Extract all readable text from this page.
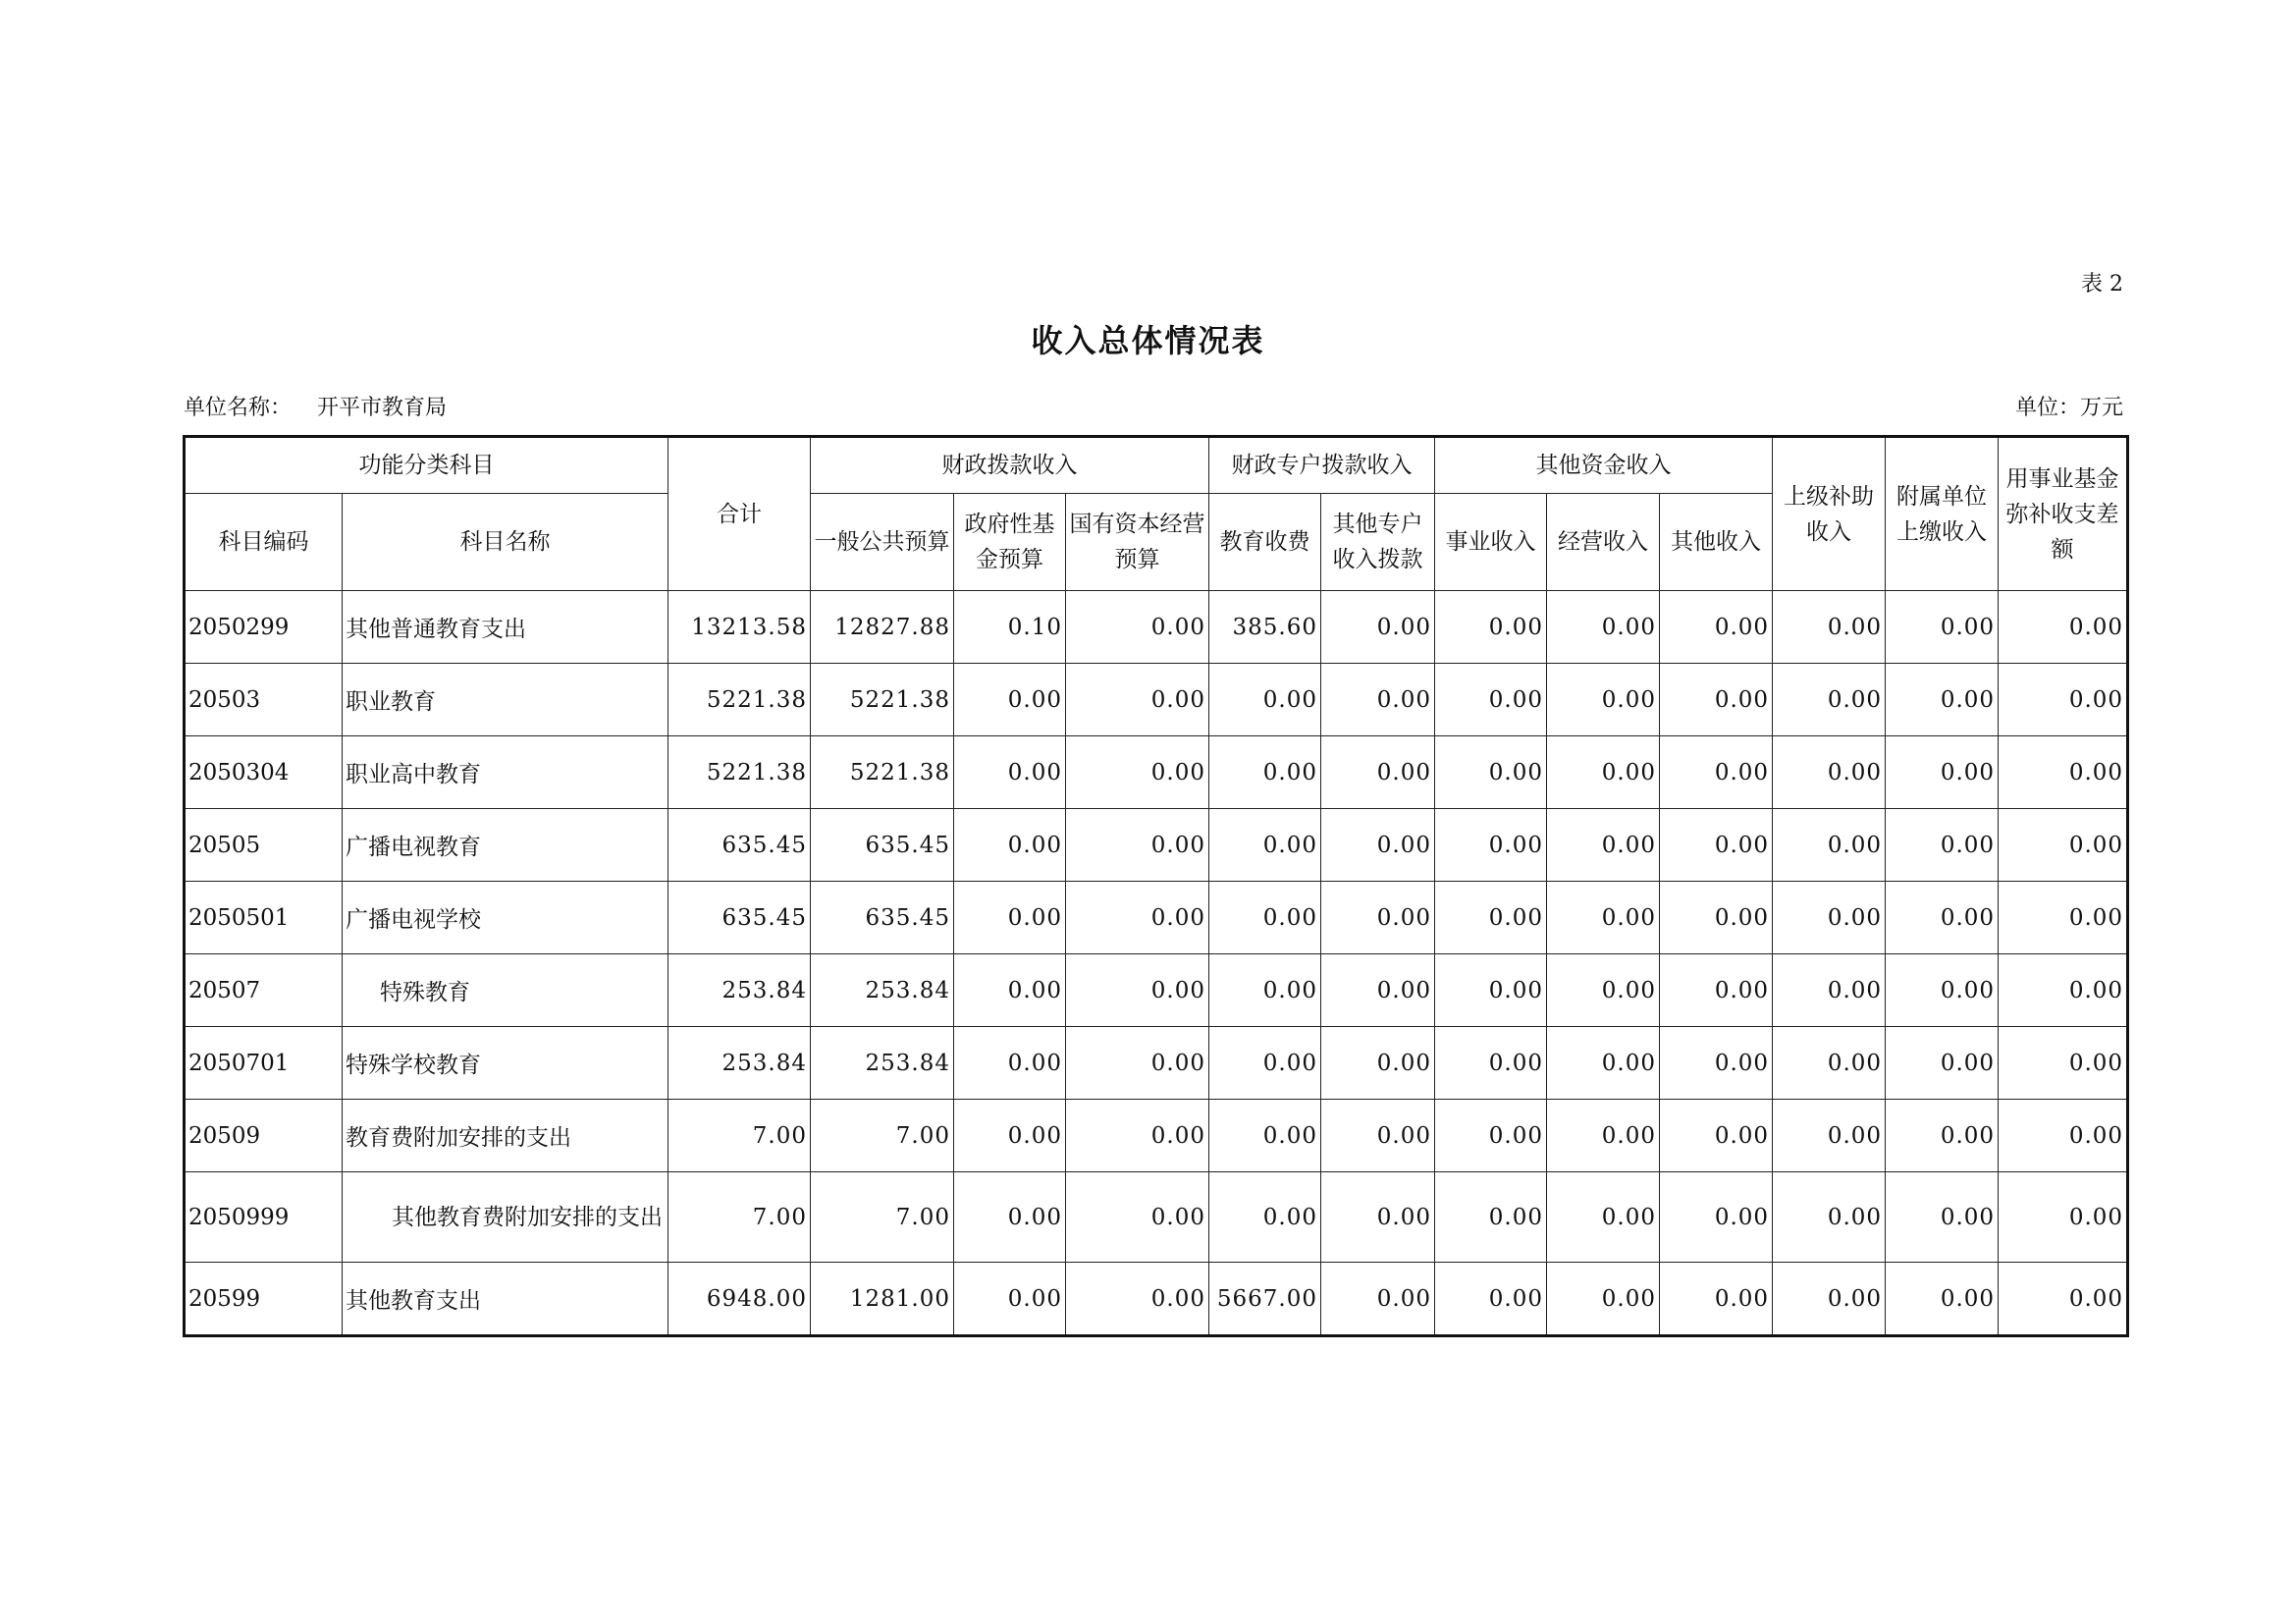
表 2
收入总体情况表
单位名称： 开平市教育局	单位：万元
功能分类科目		合计	财政拨款收入			财政专户拨款收入		其他资金收入			上级补助收入	附属单位上缴收入	用事业基金弥补收支差额
科目编码	科目名称		一般公共预算	政府性基金预算	国有资本经营预算	教育收费	其他专户收入拨款	事业收入	经营收入	其他收入			
2050299	其他普通教育支出	13213.58	12827.88	0.10	0.00	385.60	0.00	0.00	0.00	0.00	0.00	0.00	0.00
20503	职业教育	5221.38	5221.38	0.00	0.00	0.00	0.00	0.00	0.00	0.00	0.00	0.00	0.00
2050304	职业高中教育	5221.38	5221.38	0.00	0.00	0.00	0.00	0.00	0.00	0.00	0.00	0.00	0.00
20505	广播电视教育	635.45	635.45	0.00	0.00	0.00	0.00	0.00	0.00	0.00	0.00	0.00	0.00
2050501	广播电视学校	635.45	635.45	0.00	0.00	0.00	0.00	0.00	0.00	0.00	0.00	0.00	0.00
20507	特殊教育	253.84	253.84	0.00	0.00	0.00	0.00	0.00	0.00	0.00	0.00	0.00	0.00
2050701	特殊学校教育	253.84	253.84	0.00	0.00	0.00	0.00	0.00	0.00	0.00	0.00	0.00	0.00
20509	教育费附加安排的支出	7.00	7.00	0.00	0.00	0.00	0.00	0.00	0.00	0.00	0.00	0.00	0.00
2050999	其他教育费附加安排的支出	7.00	7.00	0.00	0.00	0.00	0.00	0.00	0.00	0.00	0.00	0.00	0.00
20599	其他教育支出	6948.00	1281.00	0.00	0.00	5667.00	0.00	0.00	0.00	0.00	0.00	0.00	0.00
